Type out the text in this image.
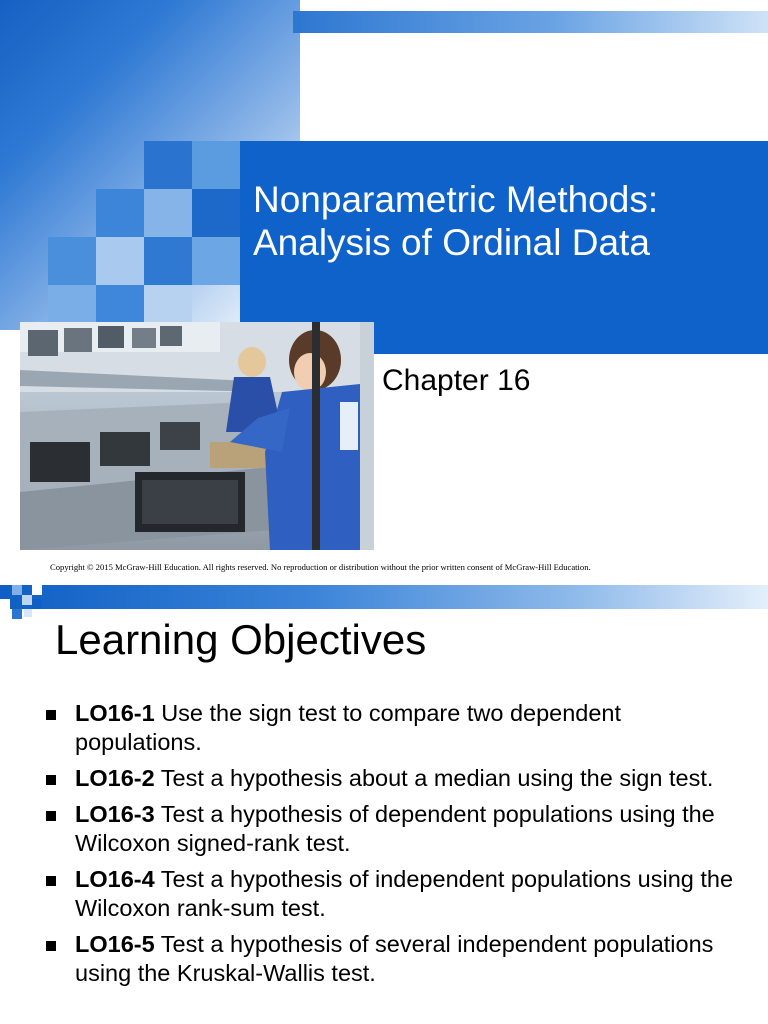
Nonparametric Methods:
Analysis of Ordinal Data
Chapter 16
Copyright © 2015 McGraw-Hill Education. All rights reserved. No reproduction or distribution without the prior written consent of McGraw-Hill Education.
Learning Objectives
LO16-1 Use the sign test to compare two dependent populations.
LO16-2 Test a hypothesis about a median using the sign test.
LO16-3 Test a hypothesis of dependent populations using the Wilcoxon signed-rank test.
LO16-4 Test a hypothesis of independent populations using the Wilcoxon rank-sum test.
LO16-5 Test a hypothesis of several independent populations using the Kruskal-Wallis test.
